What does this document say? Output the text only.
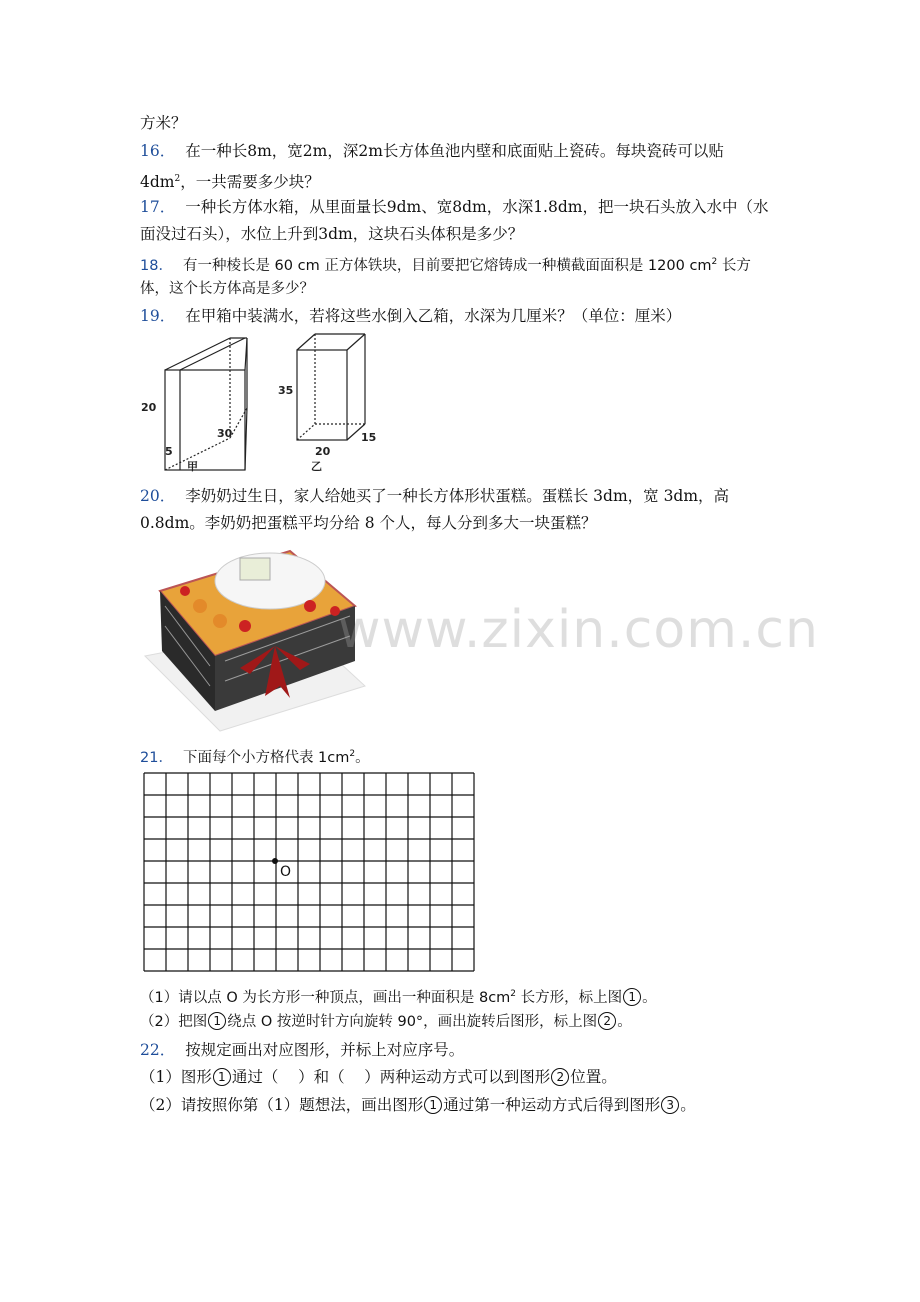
方米？
16． 在一种长8m，宽2m，深2m长方体鱼池内壁和底面贴上瓷砖。每块瓷砖可以贴
$4dm^2$，一共需要多少块？
17． 一种长方体水箱，从里面量长9dm、宽8dm，水深1.8dm，把一块石头放入水中（水
面没过石头），水位上升到3dm，这块石头体积是多少？
18． 有一种棱长是 60 cm 正方体铁块，目前要把它熔铸成一种横截面面积是 1200 $cm^2$ 长方
体，这个长方体高是多少？
19． 在甲箱中装满水，若将这些水倒入乙箱，水深为几厘米？（单位：厘米）
20
30
5
甲
35
20
15
乙
20． 李奶奶过生日，家人给她买了一种长方体形状蛋糕。蛋糕长 3dm，宽 3dm，高
0.8dm。李奶奶把蛋糕平均分给 8 个人，每人分到多大一块蛋糕？
www.zixin.com.cn
21． 下面每个小方格代表 $1cm^2$。
O
（1）请以点 O 为长方形一种顶点，画出一种面积是 $8cm^2$ 长方形，标上图 1 。
（2）把图 1 绕点 O 按逆时针方向旋转 90°，画出旋转后图形，标上图 2 。
22． 按规定画出对应图形，并标上对应序号。
（1）图形 1 通过（    ）和（    ）两种运动方式可以到图形 2 位置。
（2）请按照你第（1）题想法，画出图形 1 通过第一种运动方式后得到图形 3 。
